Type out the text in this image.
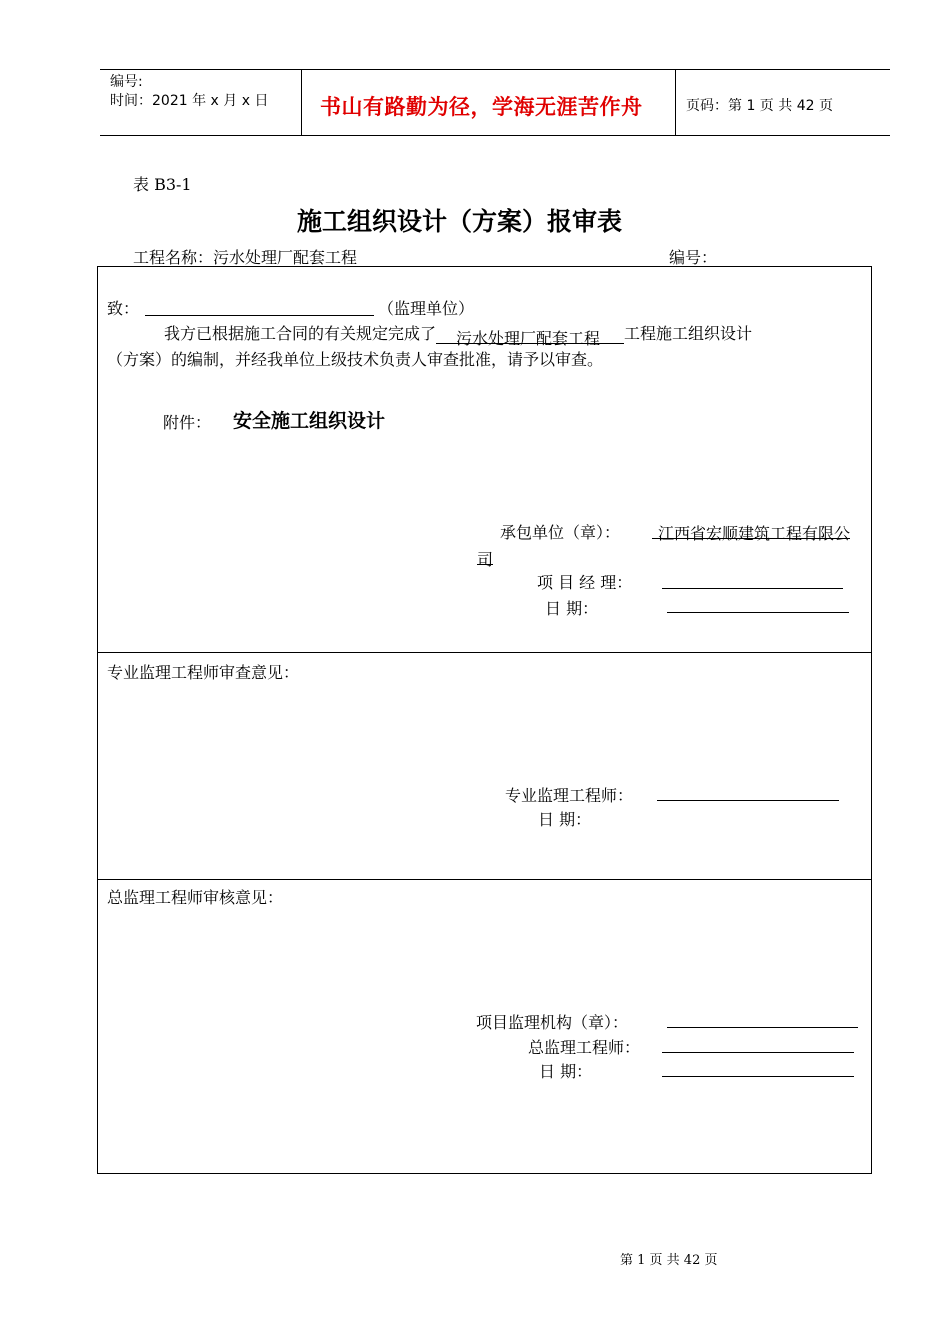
编号:
时间：2021 年 x 月 x 日 书山有路勤为径，学海无涯苦作舟	页码：第 1 页 共 42 页
表 B3-1
施工组织设计（方案）报审表
工程名称：污水处理厂配套工程	编号：
致：	（监理单位）
我方已根据施工合同的有关规定完成了 污水处理厂配套工程 工程施工组织设计
（方案）的编制，并经我单位上级技术负责人审查批准，请予以审查。
附件： 安全施工组织设计
承包单位（章）：	江西省宏顺建筑工程有限公
司
项 目 经 理：
日 期：
专业监理工程师审查意见：
专业监理工程师：
日 期：
总监理工程师审核意见：
项目监理机构（章）：
总监理工程师：
日 期：
第 1 页 共 42 页
